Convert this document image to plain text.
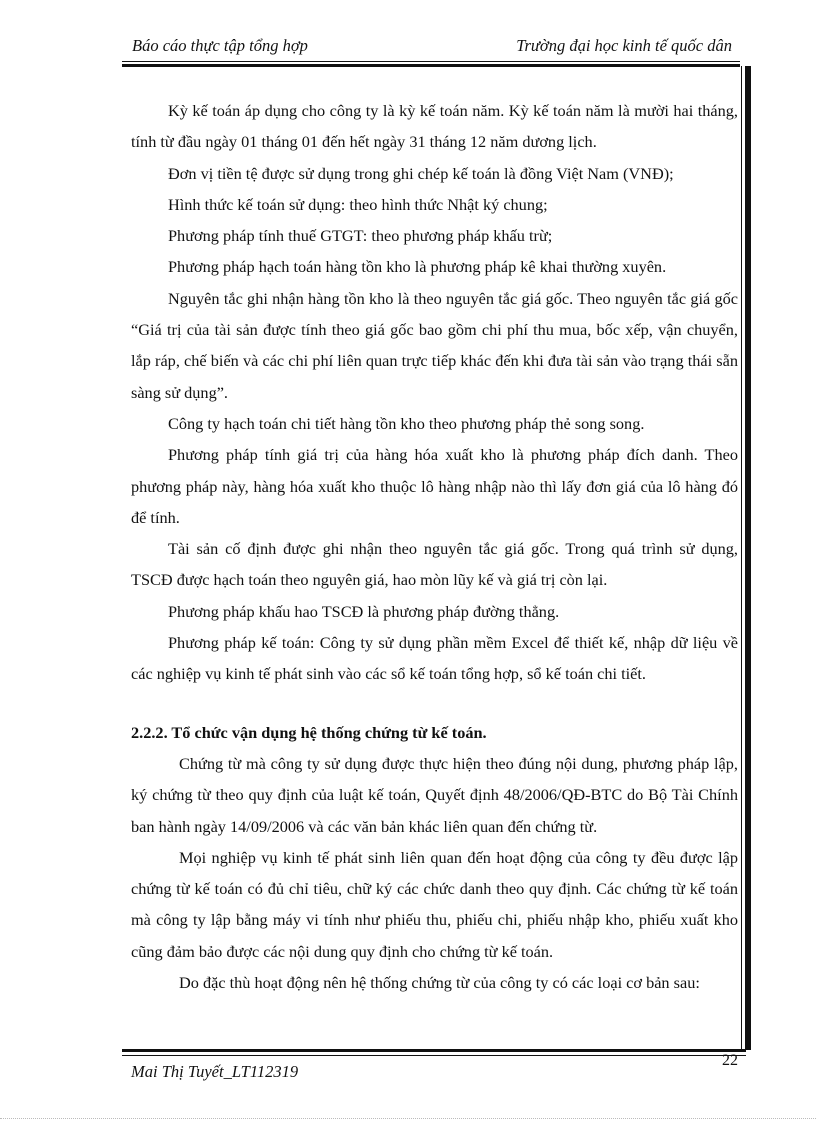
Báo cáo thực tập tổng hợp	Trường đại học kinh tế quốc dân

Kỳ kế toán áp dụng cho công ty là kỳ kế toán năm. Kỳ kế toán năm là mười hai tháng, tính từ đầu ngày 01 tháng 01 đến hết ngày 31 tháng 12 năm dương lịch.

Đơn vị tiền tệ được sử dụng trong ghi chép kế toán là đồng Việt Nam (VNĐ);

Hình thức kế toán sử dụng: theo hình thức Nhật ký chung;

Phương pháp tính thuế GTGT: theo phương pháp khấu trừ;

Phương pháp hạch toán hàng tồn kho là phương pháp kê khai thường xuyên.

Nguyên tắc ghi nhận hàng tồn kho là theo nguyên tắc giá gốc. Theo nguyên tắc giá gốc “Giá trị của tài sản được tính theo giá gốc bao gồm chi phí thu mua, bốc xếp, vận chuyển, lắp ráp, chế biến và các chi phí liên quan trực tiếp khác đến khi đưa tài sản vào trạng thái sẵn sàng sử dụng”.

Công ty hạch toán chi tiết hàng tồn kho theo phương pháp thẻ song song.

Phương pháp tính giá trị của hàng hóa xuất kho là phương pháp đích danh. Theo phương pháp này, hàng hóa xuất kho thuộc lô hàng nhập nào thì lấy đơn giá của lô hàng đó để tính.

Tài sản cố định được ghi nhận theo nguyên tắc giá gốc. Trong quá trình sử dụng, TSCĐ được hạch toán theo nguyên giá, hao mòn lũy kế và giá trị còn lại.

Phương pháp khấu hao TSCĐ là phương pháp đường thẳng.

Phương pháp kế toán: Công ty sử dụng phần mềm Excel để thiết kế, nhập dữ liệu về các nghiệp vụ kinh tế phát sinh vào các sổ kế toán tổng hợp, sổ kế toán chi tiết.

2.2.2. Tổ chức vận dụng hệ thống chứng từ kế toán.

Chứng từ mà công ty sử dụng được thực hiện theo đúng nội dung, phương pháp lập, ký chứng từ theo quy định của luật kế toán, Quyết định 48/2006/QĐ-BTC do Bộ Tài Chính ban hành ngày 14/09/2006 và các văn bản khác liên quan đến chứng từ.

Mọi nghiệp vụ kinh tế phát sinh liên quan đến hoạt động của công ty đều được lập chứng từ kế toán có đủ chỉ tiêu, chữ ký các chức danh theo quy định. Các chứng từ kế toán mà công ty lập bằng máy vi tính như phiếu thu, phiếu chi, phiếu nhập kho, phiếu xuất kho cũng đảm bảo được các nội dung quy định cho chứng từ kế toán.

Do đặc thù hoạt động nên hệ thống chứng từ của công ty có các loại cơ bản sau:

Mai Thị Tuyết_LT112319
22
